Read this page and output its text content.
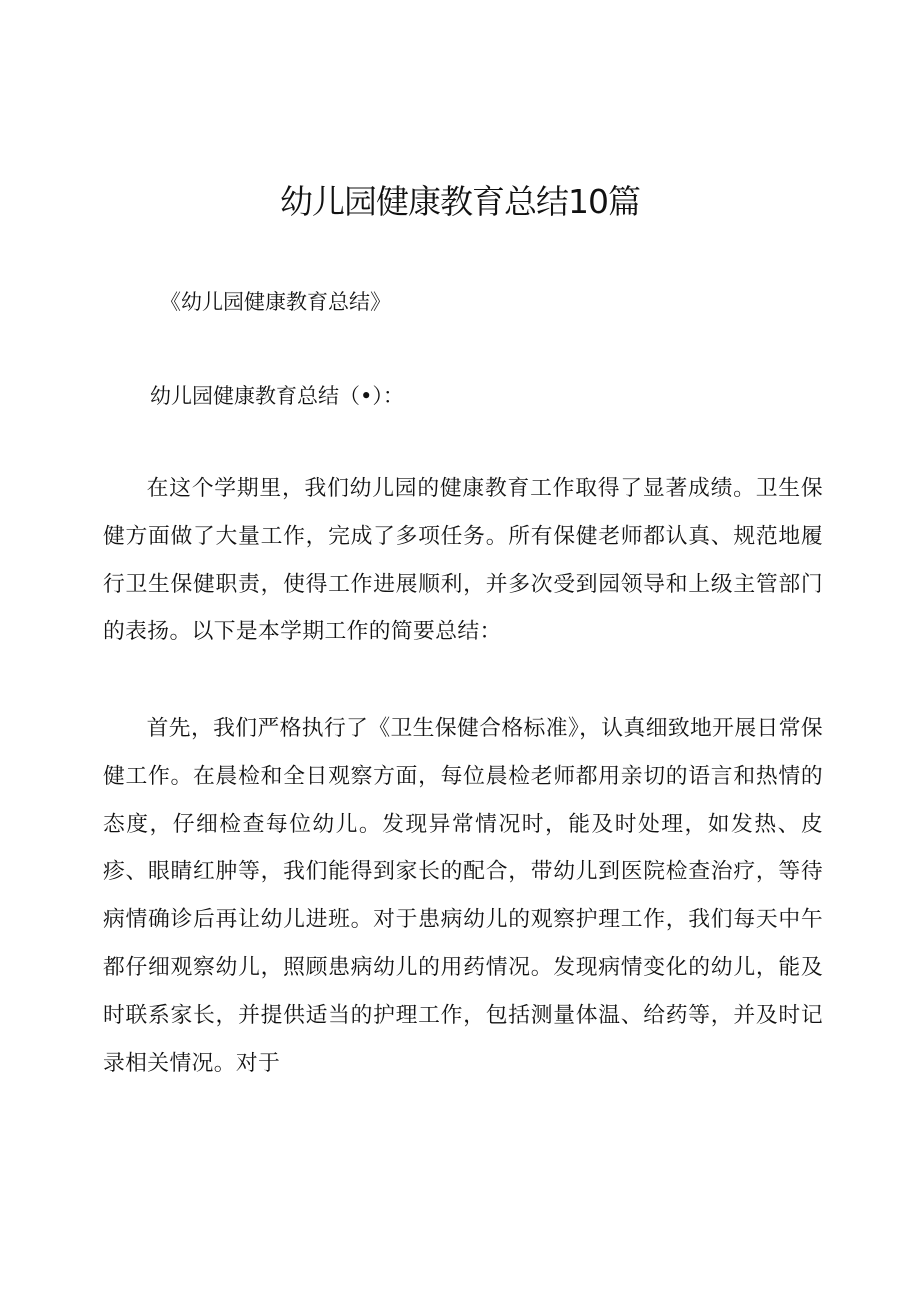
幼儿园健康教育总结10篇

《幼儿园健康教育总结》

幼儿园健康教育总结（•）：

在这个学期里，我们幼儿园的健康教育工作取得了显著成绩。卫生保健方面做了大量工作，完成了多项任务。所有保健老师都认真、规范地履行卫生保健职责，使得工作进展顺利，并多次受到园领导和上级主管部门的表扬。以下是本学期工作的简要总结：

首先，我们严格执行了《卫生保健合格标准》，认真细致地开展日常保健工作。在晨检和全日观察方面，每位晨检老师都用亲切的语言和热情的态度，仔细检查每位幼儿。发现异常情况时，能及时处理，如发热、皮疹、眼睛红肿等，我们能得到家长的配合，带幼儿到医院检查治疗，等待病情确诊后再让幼儿进班。对于患病幼儿的观察护理工作，我们每天中午都仔细观察幼儿，照顾患病幼儿的用药情况。发现病情变化的幼儿，能及时联系家长，并提供适当的护理工作，包括测量体温、给药等，并及时记录相关情况。对于
